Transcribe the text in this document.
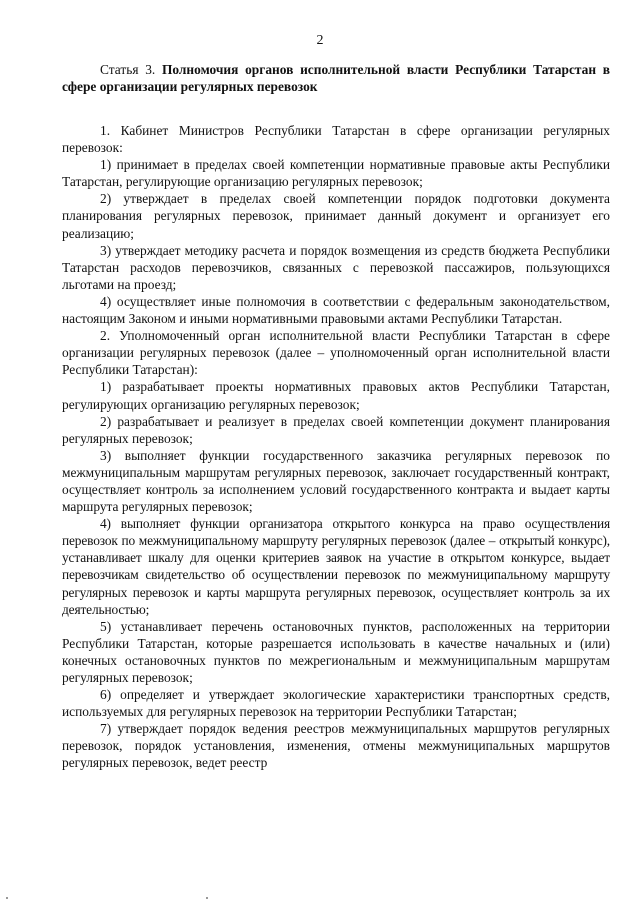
2

Статья 3. Полномочия органов исполнительной власти Республики Татарстан в сфере организации регулярных перевозок

1. Кабинет Министров Республики Татарстан в сфере организации регулярных перевозок:

1) принимает в пределах своей компетенции нормативные правовые акты Республики Татарстан, регулирующие организацию регулярных перевозок;

2) утверждает в пределах своей компетенции порядок подготовки документа планирования регулярных перевозок, принимает данный документ и организует его реализацию;

3) утверждает методику расчета и порядок возмещения из средств бюджета Республики Татарстан расходов перевозчиков, связанных с перевозкой пассажиров, пользующихся льготами на проезд;

4) осуществляет иные полномочия в соответствии с федеральным законодательством, настоящим Законом и иными нормативными правовыми актами Республики Татарстан.

2. Уполномоченный орган исполнительной власти Республики Татарстан в сфере организации регулярных перевозок (далее – уполномоченный орган исполнительной власти Республики Татарстан):

1) разрабатывает проекты нормативных правовых актов Республики Татарстан, регулирующих организацию регулярных перевозок;

2) разрабатывает и реализует в пределах своей компетенции документ планирования регулярных перевозок;

3) выполняет функции государственного заказчика регулярных перевозок по межмуниципальным маршрутам регулярных перевозок, заключает государственный контракт, осуществляет контроль за исполнением условий государственного контракта и выдает карты маршрута регулярных перевозок;

4) выполняет функции организатора открытого конкурса на право осуществления перевозок по межмуниципальному маршруту регулярных перевозок (далее – открытый конкурс), устанавливает шкалу для оценки критериев заявок на участие в открытом конкурсе, выдает перевозчикам свидетельство об осуществлении перевозок по межмуниципальному маршруту регулярных перевозок и карты маршрута регулярных перевозок, осуществляет контроль за их деятельностью;

5) устанавливает перечень остановочных пунктов, расположенных на территории Республики Татарстан, которые разрешается использовать в качестве начальных и (или) конечных остановочных пунктов по межрегиональным и межмуниципальным маршрутам регулярных перевозок;

6) определяет и утверждает экологические характеристики транспортных средств, используемых для регулярных перевозок на территории Республики Татарстан;

7) утверждает порядок ведения реестров межмуниципальных маршрутов регулярных перевозок, порядок установления, изменения, отмены межмуниципальных маршрутов регулярных перевозок, ведет реестр
